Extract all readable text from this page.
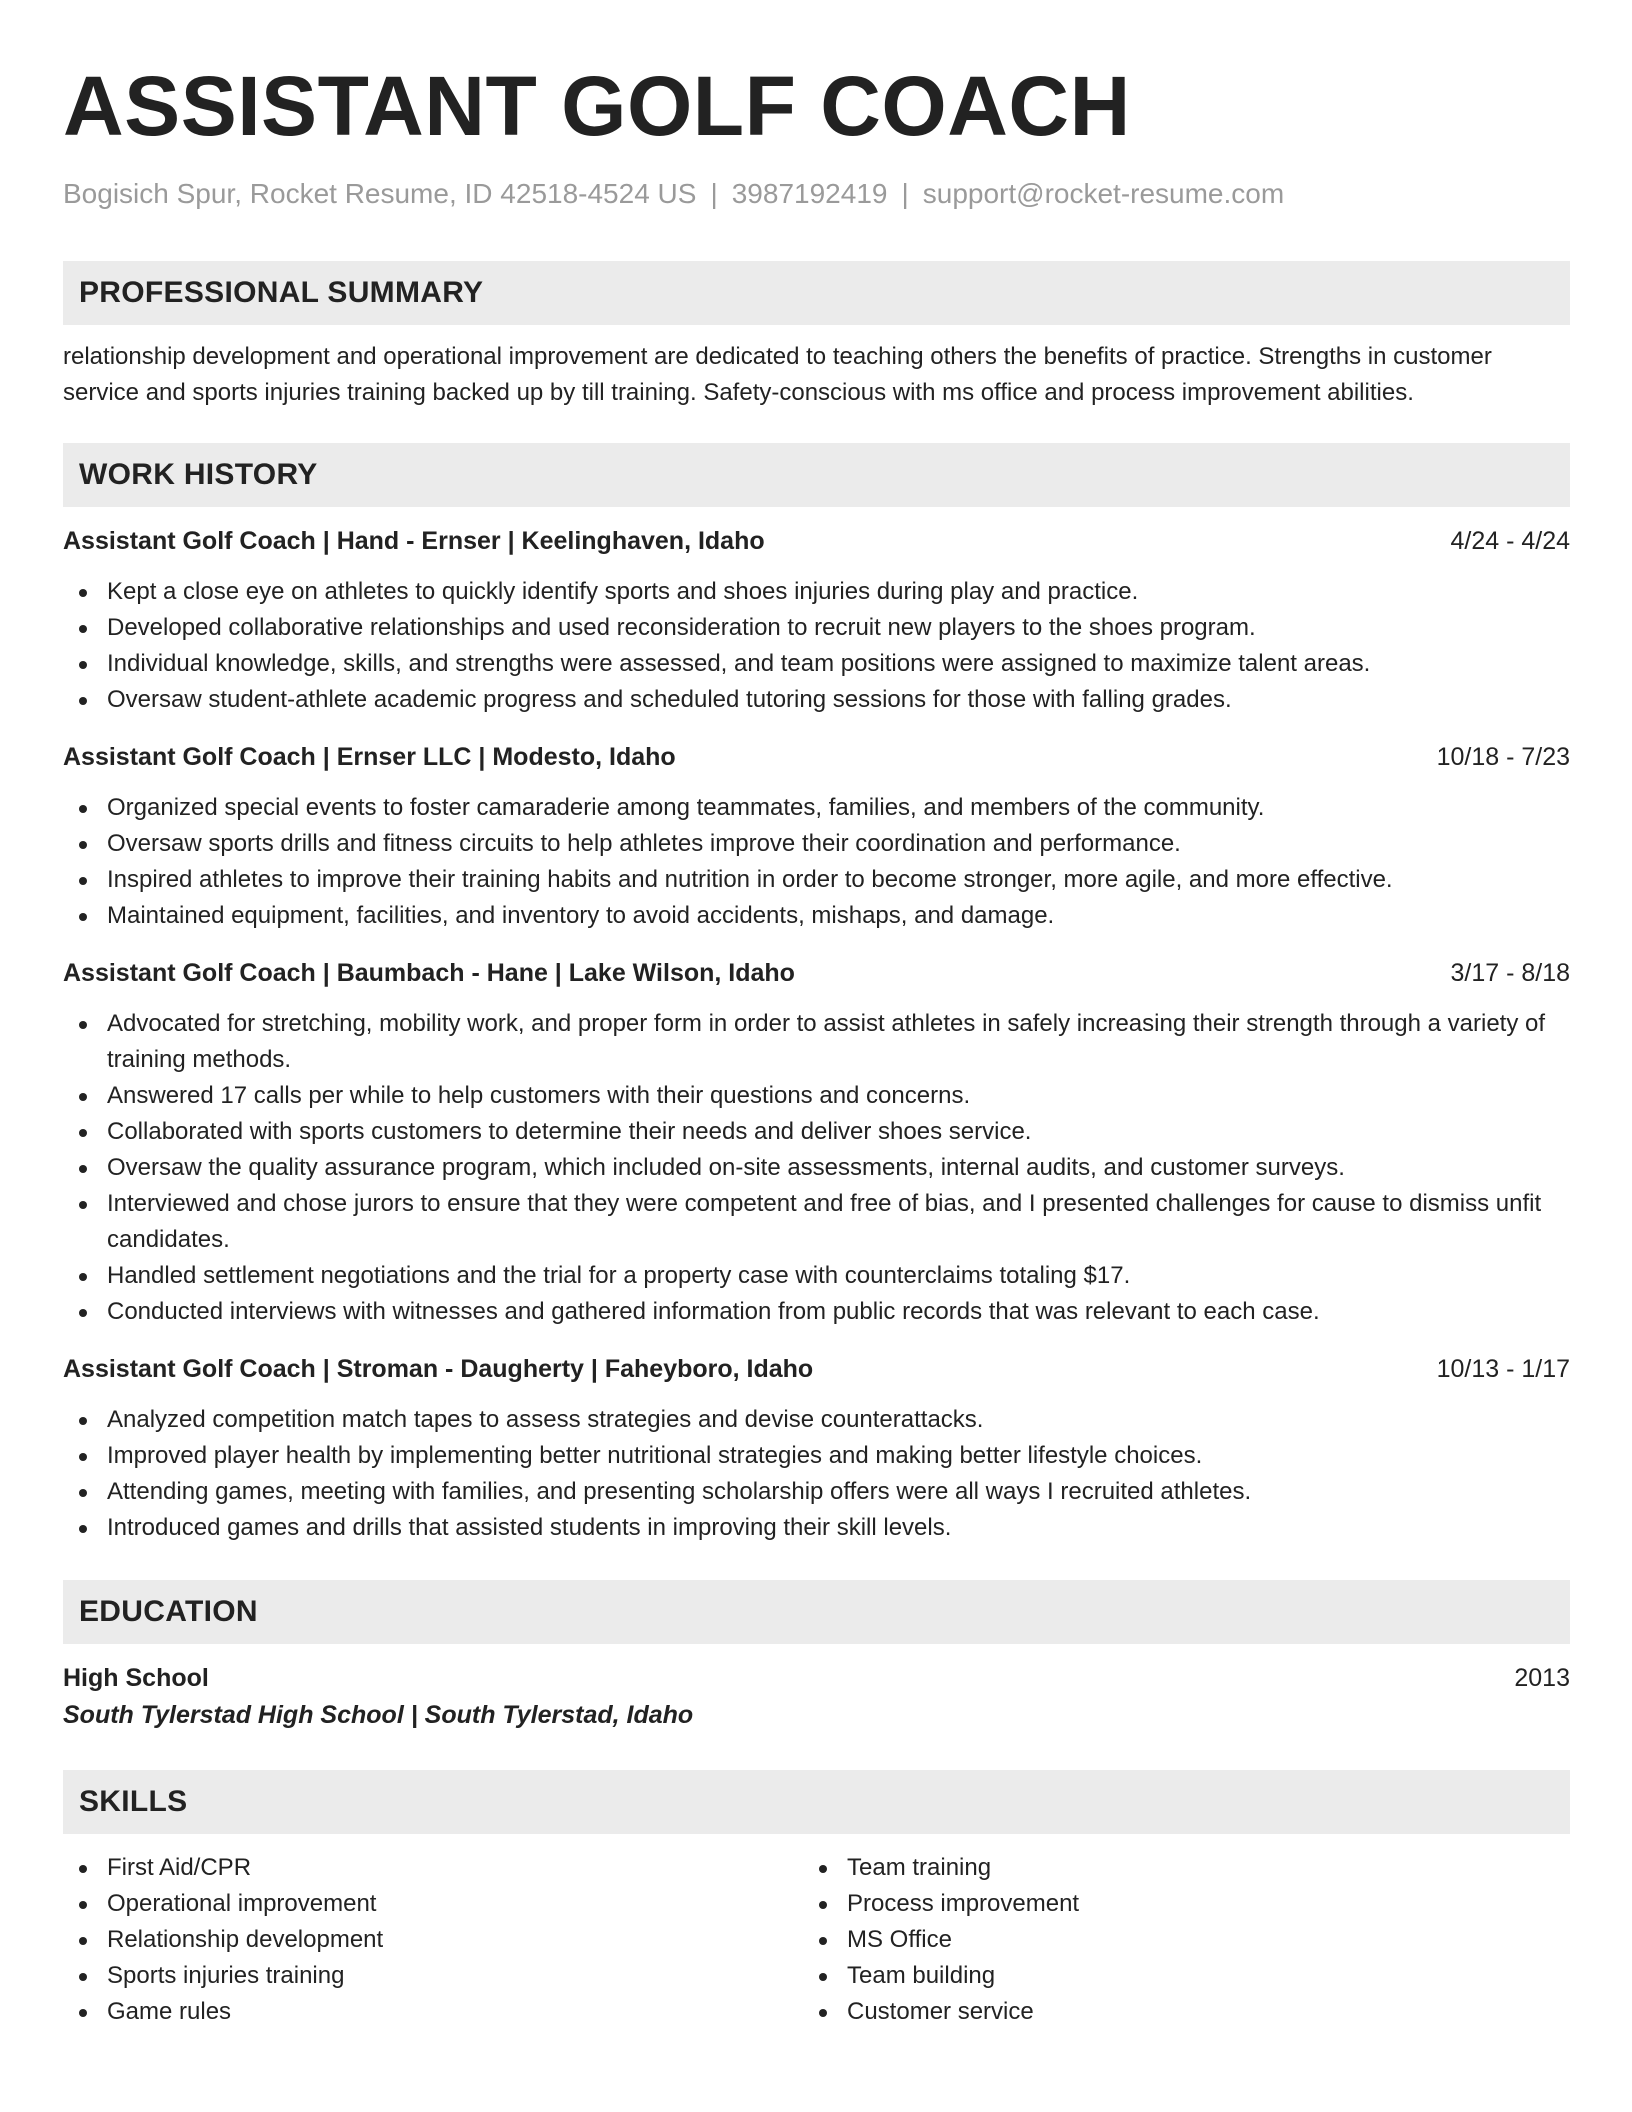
ASSISTANT GOLF COACH
Bogisich Spur, Rocket Resume, ID 42518-4524 US | 3987192419 | support@rocket-resume.com
PROFESSIONAL SUMMARY

relationship development and operational improvement are dedicated to teaching others the benefits of practice. Strengths in customer service and sports injuries training backed up by till training. Safety-conscious with ms office and process improvement abilities.

WORK HISTORY
Assistant Golf Coach | Hand - Ernser | Keelinghaven, Idaho	4/24 - 4/24
Kept a close eye on athletes to quickly identify sports and shoes injuries during play and practice.
Developed collaborative relationships and used reconsideration to recruit new players to the shoes program.
Individual knowledge, skills, and strengths were assessed, and team positions were assigned to maximize talent areas.
Oversaw student-athlete academic progress and scheduled tutoring sessions for those with falling grades.
Assistant Golf Coach | Ernser LLC | Modesto, Idaho	10/18 - 7/23
Organized special events to foster camaraderie among teammates, families, and members of the community.
Oversaw sports drills and fitness circuits to help athletes improve their coordination and performance.
Inspired athletes to improve their training habits and nutrition in order to become stronger, more agile, and more effective.
Maintained equipment, facilities, and inventory to avoid accidents, mishaps, and damage.
Assistant Golf Coach | Baumbach - Hane | Lake Wilson, Idaho	3/17 - 8/18
Advocated for stretching, mobility work, and proper form in order to assist athletes in safely increasing their strength through a variety of training methods.
Answered 17 calls per while to help customers with their questions and concerns.
Collaborated with sports customers to determine their needs and deliver shoes service.
Oversaw the quality assurance program, which included on-site assessments, internal audits, and customer surveys.
Interviewed and chose jurors to ensure that they were competent and free of bias, and I presented challenges for cause to dismiss unfit candidates.
Handled settlement negotiations and the trial for a property case with counterclaims totaling $17.
Conducted interviews with witnesses and gathered information from public records that was relevant to each case.
Assistant Golf Coach | Stroman - Daugherty | Faheyboro, Idaho	10/13 - 1/17
Analyzed competition match tapes to assess strategies and devise counterattacks.
Improved player health by implementing better nutritional strategies and making better lifestyle choices.
Attending games, meeting with families, and presenting scholarship offers were all ways I recruited athletes.
Introduced games and drills that assisted students in improving their skill levels.
EDUCATION
High School	2013
South Tylerstad High School | South Tylerstad, Idaho
SKILLS
First Aid/CPR
Operational improvement
Relationship development
Sports injuries training
Game rules
Team training
Process improvement
MS Office
Team building
Customer service
